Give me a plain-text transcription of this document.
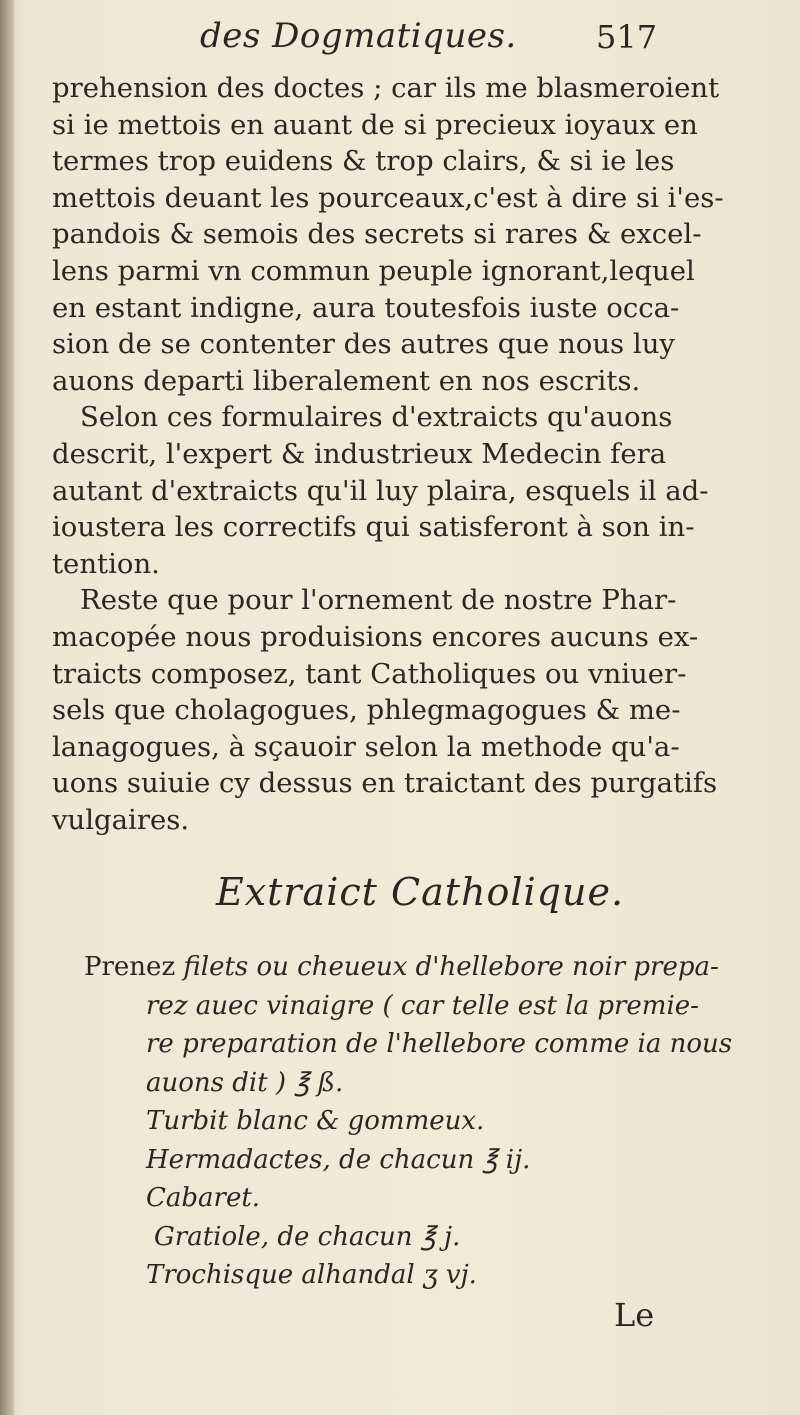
des Dogmatiques. 517
prehension des doctes ; car ils me blasmeroient
si ie mettois en auant de si precieux ioyaux en
termes trop euidens & trop clairs, & si ie les
mettois deuant les pourceaux,c'est à dire si i'es-
pandois & semois des secrets si rares & excel-
lens parmi vn commun peuple ignorant,lequel
en estant indigne, aura toutesfois iuste occa-
sion de se contenter des autres que nous luy
auons departi liberalement en nos escrits.
Selon ces formulaires d'extraicts qu'auons
descrit, l'expert & industrieux Medecin fera
autant d'extraicts qu'il luy plaira, esquels il ad-
ioustera les correctifs qui satisferont à son in-
tention.
Reste que pour l'ornement de nostre Phar-
macopée nous produisions encores aucuns ex-
traicts composez, tant Catholiques ou vniuer-
sels que cholagogues, phlegmagogues & me-
lanagogues, à sçauoir selon la methode qu'a-
uons suiuie cy dessus en traictant des purgatifs
vulgaires.
Extraict Catholique.
Prenez filets ou cheueux d'hellebore noir prepa-
rez auec vinaigre ( car telle est la premie-
re preparation de l'hellebore comme ia nous
auons dit ) ℥ ß.
Turbit blanc & gommeux.
Hermadactes, de chacun ℥ ij.
Cabaret.
Gratiole, de chacun ℥ j.
Trochisque alhandal ʒ vj.
Le
